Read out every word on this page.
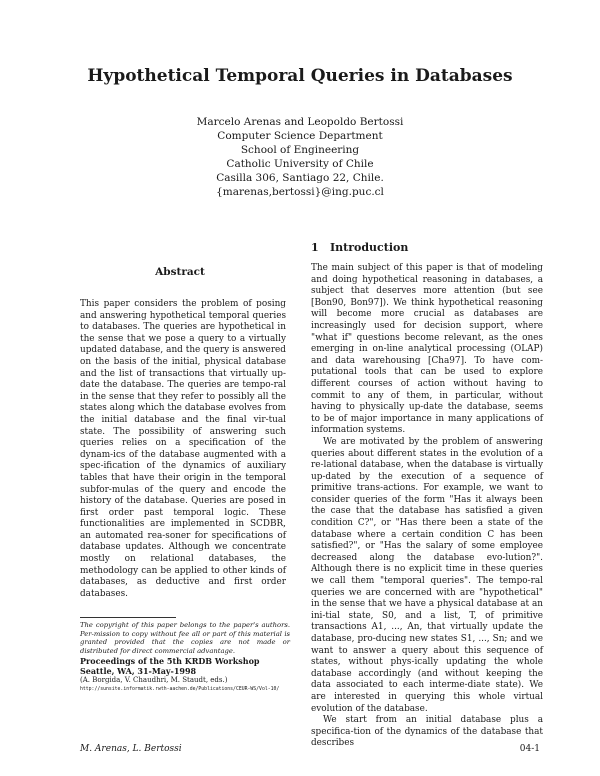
Hypothetical Temporal Queries in Databases
Marcelo Arenas and Leopoldo Bertossi
Computer Science Department
School of Engineering
Catholic University of Chile
Casilla 306, Santiago 22, Chile.
{marenas,bertossi}@ing.puc.cl
Abstract
This paper considers the problem of posing and answering hypothetical temporal queries to databases. The queries are hypothetical in the sense that we pose a query to a virtually updated database, and the query is answered on the basis of the initial, physical database and the list of transactions that virtually up-date the database. The queries are tempo-ral in the sense that they refer to possibly all the states along which the database evolves from the initial database and the final vir-tual state. The possibility of answering such queries relies on a specification of the dynam-ics of the database augmented with a spec-ification of the dynamics of auxiliary tables that have their origin in the temporal subfor-mulas of the query and encode the history of the database. Queries are posed in first order past temporal logic. These functionalities are implemented in SCDBR, an automated rea-soner for specifications of database updates. Although we concentrate mostly on relational databases, the methodology can be applied to other kinds of databases, as deductive and first order databases.
The copyright of this paper belongs to the paper's authors. Per-mission to copy without fee all or part of this material is granted provided that the copies are not made or distributed for direct commercial advantage.
Proceedings of the 5th KRDB Workshop
Seattle, WA, 31-May-1998
(A. Borgida, V. Chaudhri, M. Staudt, eds.)
http://sunsite.informatik.rwth-aachen.de/Publications/CEUR-WS/Vol-10/
1 Introduction

The main subject of this paper is that of modeling and doing hypothetical reasoning in databases, a subject that deserves more attention (but see [Bon90, Bon97]). We think hypothetical reasoning will become more crucial as databases are increasingly used for decision support, where "what if" questions become relevant, as the ones emerging in on-line analytical processing (OLAP) and data warehousing [Cha97]. To have com-putational tools that can be used to explore different courses of action without having to commit to any of them, in particular, without having to physically up-date the database, seems to be of major importance in many applications of information systems.

We are motivated by the problem of answering queries about different states in the evolution of a re-lational database, when the database is virtually up-dated by the execution of a sequence of primitive trans-actions. For example, we want to consider queries of the form "Has it always been the case that the database has satisfied a given condition C?", or "Has there been a state of the database where a certain condition C has been satisfied?", or "Has the salary of some employee decreased along the database evo-lution?". Although there is no explicit time in these queries we call them "temporal queries". The tempo-ral queries we are concerned with are "hypothetical" in the sense that we have a physical database at an ini-tial state, S0, and a list, T, of primitive transactions A1, ..., An, that virtually update the database, pro-ducing new states S1, ..., Sn; and we want to answer a query about this sequence of states, without phys-ically updating the whole database accordingly (and without keeping the data associated to each interme-diate state). We are interested in querying this whole virtual evolution of the database.

We start from an initial database plus a specifica-tion of the dynamics of the database that describes

M. Arenas, L. Bertossi	04-1
